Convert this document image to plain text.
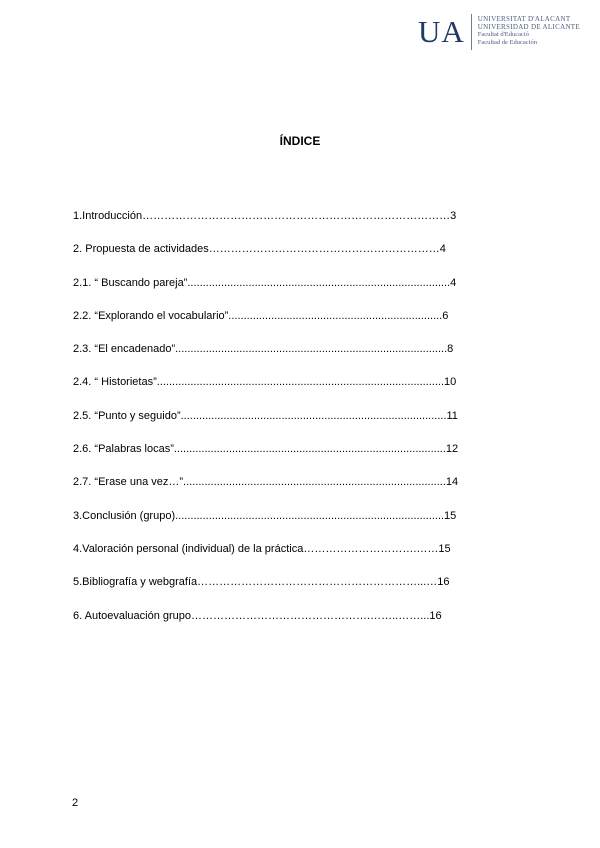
UA UNIVERSITAT D'ALACANT
UNIVERSIDAD DE ALICANTE
Facultat d'Educació
Facultad de Educación
ÍNDICE
1.Introducción…………………………………………………………………………3
2. Propuesta de actividades………………………………………………………4
2.1. “ Buscando pareja”......................................................................................4
2.2. “Explorando el vocabulario”......................................................................6
2.3. “El encadenado”.........................................................................................8
2.4. “ Historietas”..............................................................................................10
2.5. “Punto y seguido”.......................................................................................11
2.6. “Palabras locas”.........................................................................................12
2.7. “Erase una vez…”......................................................................................14
3.Conclusión (grupo)........................................................................................15
4.Valoración personal (individual) de la práctica………………………….……15
5.Bibliografía y webgrafía……………………………………………………...…16
6. Autoevaluación grupo………………………………………….……..……...16
2
